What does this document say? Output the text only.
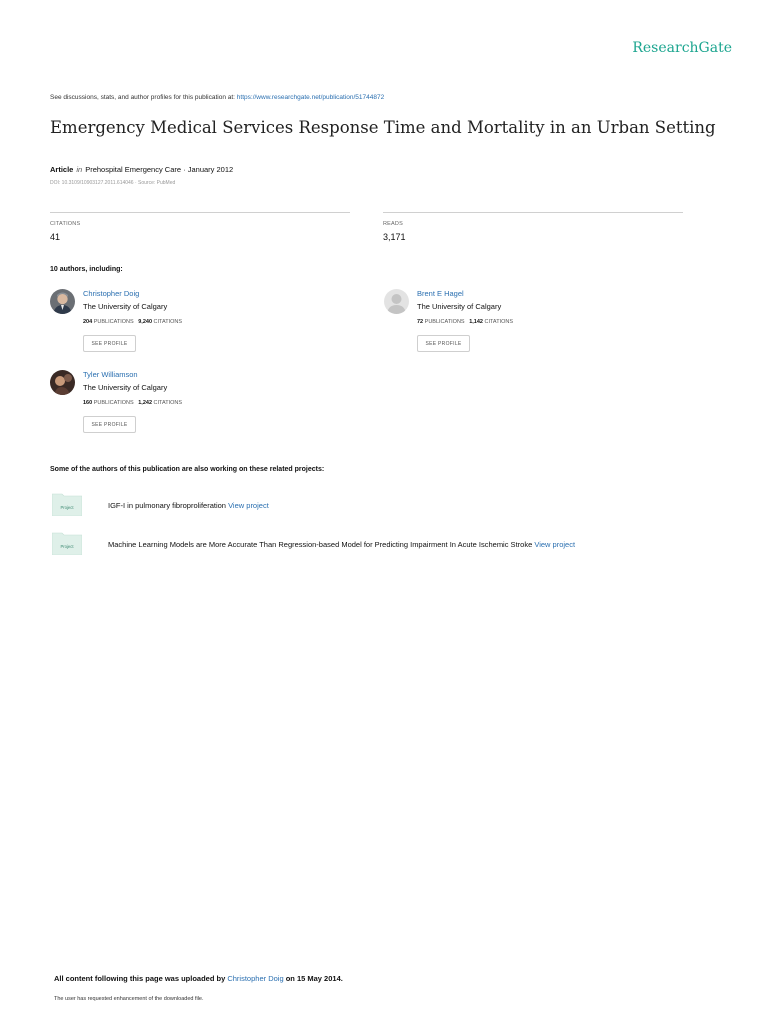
ResearchGate
See discussions, stats, and author profiles for this publication at: https://www.researchgate.net/publication/51744872
Emergency Medical Services Response Time and Mortality in an Urban Setting
Article in Prehospital Emergency Care · January 2012
DOI: 10.3109/10903127.2011.614046 · Source: PubMed
CITATIONS
41
READS
3,171
10 authors, including:
Christopher Doig
The University of Calgary
204 PUBLICATIONS 9,240 CITATIONS
SEE PROFILE
Brent E Hagel
The University of Calgary
72 PUBLICATIONS 1,142 CITATIONS
SEE PROFILE
Tyler Williamson
The University of Calgary
160 PUBLICATIONS 1,242 CITATIONS
SEE PROFILE
Some of the authors of this publication are also working on these related projects:
Project	IGF-I in pulmonary fibroproliferation View project
Project	Machine Learning Models are More Accurate Than Regression-based Model for Predicting Impairment In Acute Ischemic Stroke View project
All content following this page was uploaded by Christopher Doig on 15 May 2014.
The user has requested enhancement of the downloaded file.
